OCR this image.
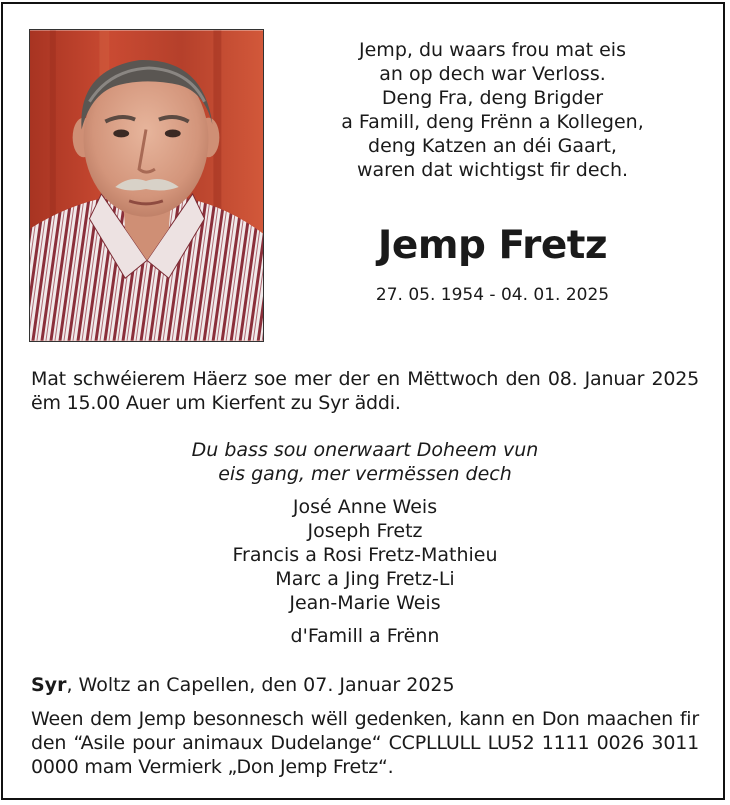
Jemp, du waars frou mat eis
an op dech war Verloss.
Deng Fra, deng Brigder
a Famill, deng Frënn a Kollegen,
deng Katzen an déi Gaart,
waren dat wichtigst fir dech.
Jemp Fretz
27. 05. 1954 - 04. 01. 2025
Mat schwéierem Häerz soe mer der en Mëttwoch den 08. Januar 2025 ëm 15.00 Auer um Kierfent zu Syr äddi.
Du bass sou onerwaart Doheem vun
eis gang, mer vermëssen dech
José Anne Weis
Joseph Fretz
Francis a Rosi Fretz-Mathieu
Marc a Jing Fretz-Li
Jean-Marie Weis
d'Famill a Frënn
Syr, Woltz an Capellen, den 07. Januar 2025
Ween dem Jemp besonnesch wëll gedenken, kann en Don maachen fir den “Asile pour animaux Dudelange“ CCPLLULL LU52 1111 0026 3011 0000 mam Vermierk „Don Jemp Fretz“.
